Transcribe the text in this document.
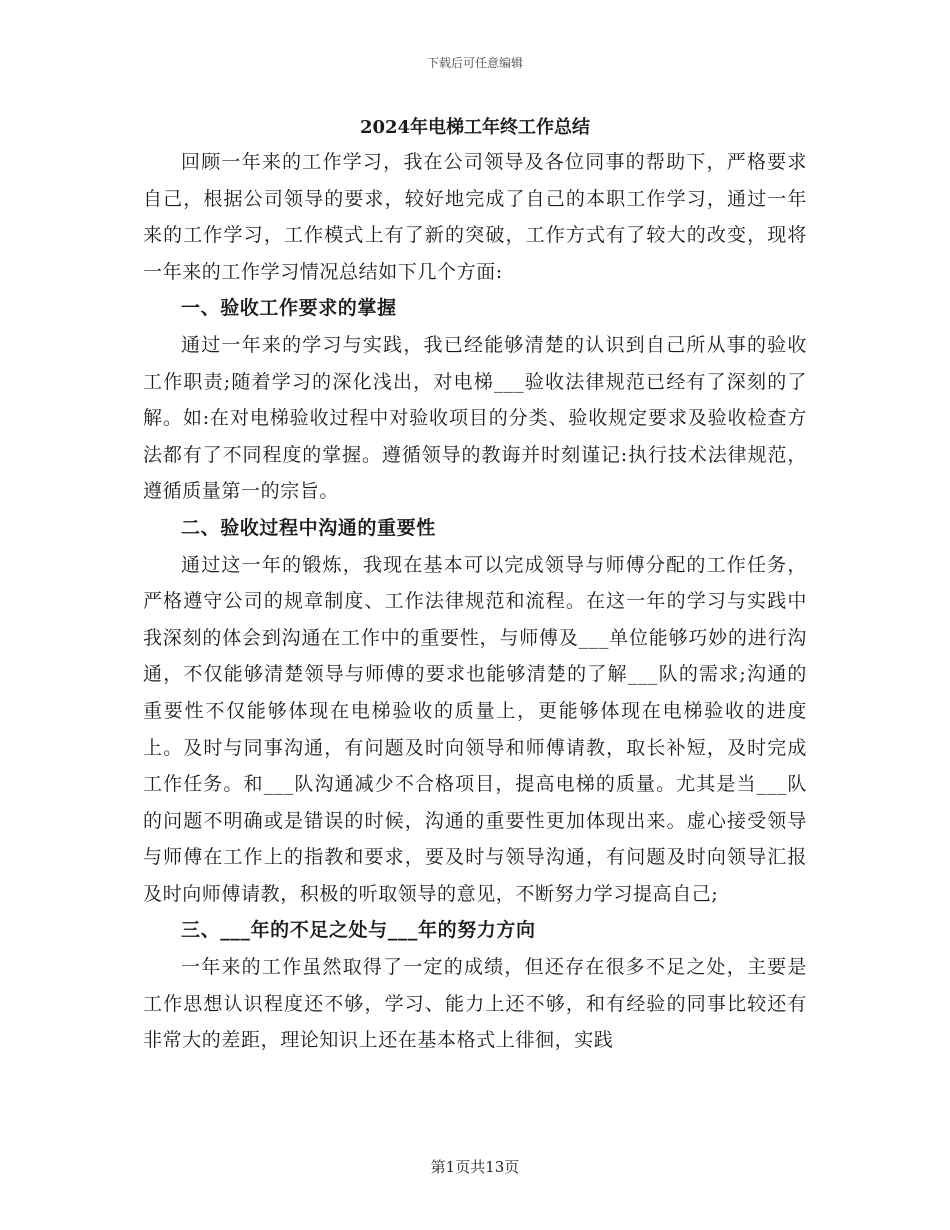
下载后可任意编辑
2024年电梯工年终工作总结

回顾一年来的工作学习，我在公司领导及各位同事的帮助下，严格要求自己，根据公司领导的要求，较好地完成了自己的本职工作学习，通过一年来的工作学习，工作模式上有了新的突破，工作方式有了较大的改变，现将一年来的工作学习情况总结如下几个方面:

一、验收工作要求的掌握

通过一年来的学习与实践，我已经能够清楚的认识到自己所从事的验收工作职责;随着学习的深化浅出，对电梯___验收法律规范已经有了深刻的了解。如:在对电梯验收过程中对验收项目的分类、验收规定要求及验收检查方法都有了不同程度的掌握。遵循领导的教诲并时刻谨记:执行技术法律规范，遵循质量第一的宗旨。

二、验收过程中沟通的重要性

通过这一年的锻炼，我现在基本可以完成领导与师傅分配的工作任务，严格遵守公司的规章制度、工作法律规范和流程。在这一年的学习与实践中我深刻的体会到沟通在工作中的重要性，与师傅及___单位能够巧妙的进行沟通，不仅能够清楚领导与师傅的要求也能够清楚的了解___队的需求;沟通的重要性不仅能够体现在电梯验收的质量上，更能够体现在电梯验收的进度上。及时与同事沟通，有问题及时向领导和师傅请教，取长补短，及时完成工作任务。和___队沟通减少不合格项目，提高电梯的质量。尤其是当___队的问题不明确或是错误的时候，沟通的重要性更加体现出来。虚心接受领导与师傅在工作上的指教和要求，要及时与领导沟通，有问题及时向领导汇报及时向师傅请教，积极的听取领导的意见，不断努力学习提高自己;

三、___年的不足之处与___年的努力方向

一年来的工作虽然取得了一定的成绩，但还存在很多不足之处，主要是工作思想认识程度还不够，学习、能力上还不够，和有经验的同事比较还有非常大的差距，理论知识上还在基本格式上徘徊，实践

第1页共13页
